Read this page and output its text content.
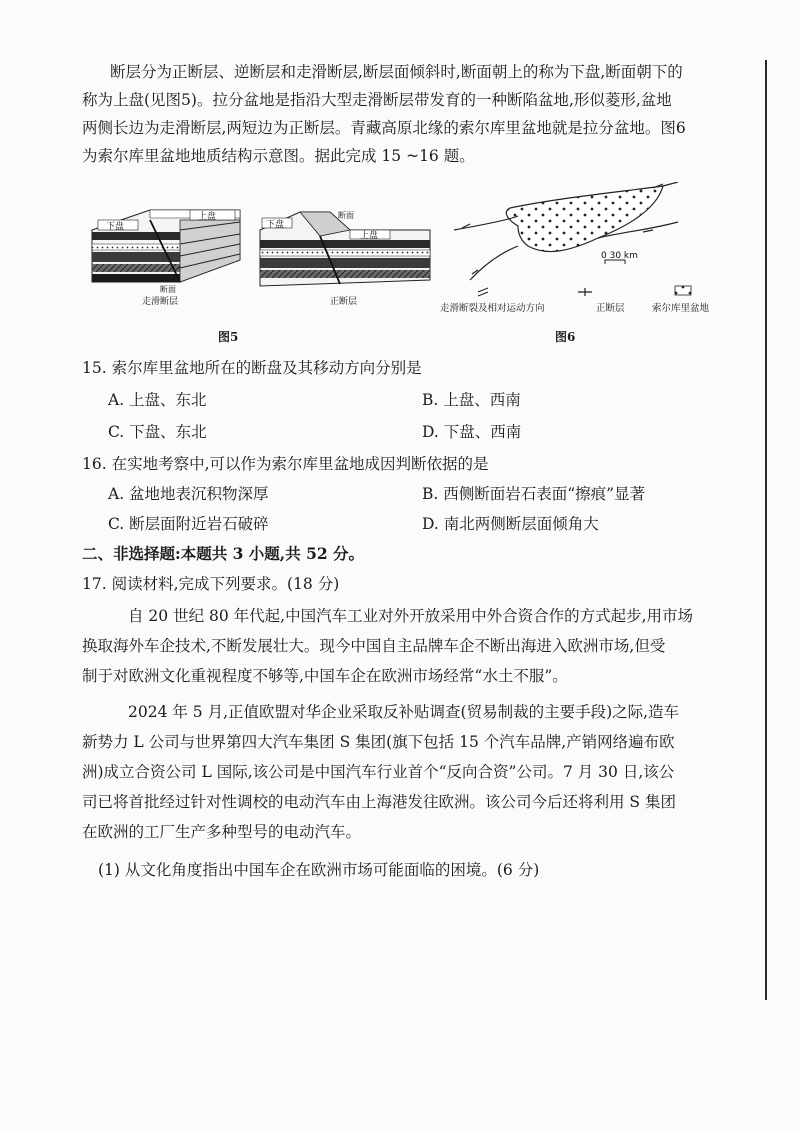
断层分为正断层、逆断层和走滑断层,断层面倾斜时,断面朝上的称为下盘,断面朝下的
称为上盘(见图5)。拉分盆地是指沿大型走滑断层带发育的一种断陷盆地,形似菱形,盆地
两侧长边为走滑断层,两短边为正断层。青藏高原北缘的索尔库里盆地就是拉分盆地。图6
为索尔库里盆地地质结构示意图。据此完成 15 ~16 题。
下盘
上盘
断面
走滑断层
下盘
上盘
断面
正断层
图5
0 30 km
走滑断裂及相对运动方向	正断层	索尔库里盆地
图6
15. 索尔库里盆地所在的断盘及其移动方向分别是
A. 上盘、东北	B. 上盘、西南
C. 下盘、东北	D. 下盘、西南
16. 在实地考察中,可以作为索尔库里盆地成因判断依据的是
A. 盆地地表沉积物深厚	B. 西侧断面岩石表面“擦痕”显著
C. 断层面附近岩石破碎	D. 南北两侧断层面倾角大
二、非选择题:本题共 3 小题,共 52 分。
17. 阅读材料,完成下列要求。(18 分)
自 20 世纪 80 年代起,中国汽车工业对外开放采用中外合资合作的方式起步,用市场
换取海外车企技术,不断发展壮大。现今中国自主品牌车企不断出海进入欧洲市场,但受
制于对欧洲文化重视程度不够等,中国车企在欧洲市场经常“水土不服”。
2024 年 5 月,正值欧盟对华企业采取反补贴调查(贸易制裁的主要手段)之际,造车
新势力 L 公司与世界第四大汽车集团 S 集团(旗下包括 15 个汽车品牌,产销网络遍布欧
洲)成立合资公司 L 国际,该公司是中国汽车行业首个“反向合资”公司。7 月 30 日,该公
司已将首批经过针对性调校的电动汽车由上海港发往欧洲。该公司今后还将利用 S 集团
在欧洲的工厂生产多种型号的电动汽车。
(1) 从文化角度指出中国车企在欧洲市场可能面临的困境。(6 分)
